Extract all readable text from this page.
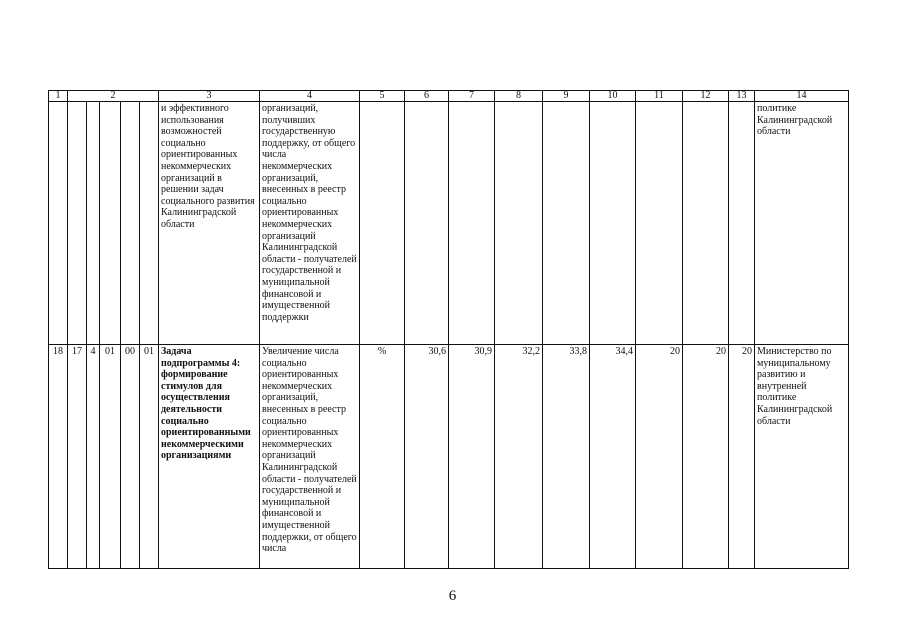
1	2					3	4	5	6	7	8	9	10	11	12	13	14
						и эффективного использования возможностей социально ориентированных некоммерческих организаций в решении задач социального развития Калининградской области	организаций, получивших государственную поддержку, от общего числа некоммерческих организаций, внесенных в реестр социально ориентированных некоммерческих организаций Калининградской области - получателей государственной и муниципальной финансовой и имущественной поддержки										политике Калининградской области
18	17	4	01	00	01	Задача подпрограммы 4: формирование стимулов для осуществления деятельности социально ориентированными некоммерческими организациями	Увеличение числа социально ориентированных некоммерческих организаций, внесенных в реестр социально ориентированных некоммерческих организаций Калининградской области - получателей государственной и муниципальной финансовой и имущественной поддержки, от общего числа	%	30,6	30,9	32,2	33,8	34,4	20	20	20	Министерство по муниципальному развитию и внутренней политике Калининградской области
6
